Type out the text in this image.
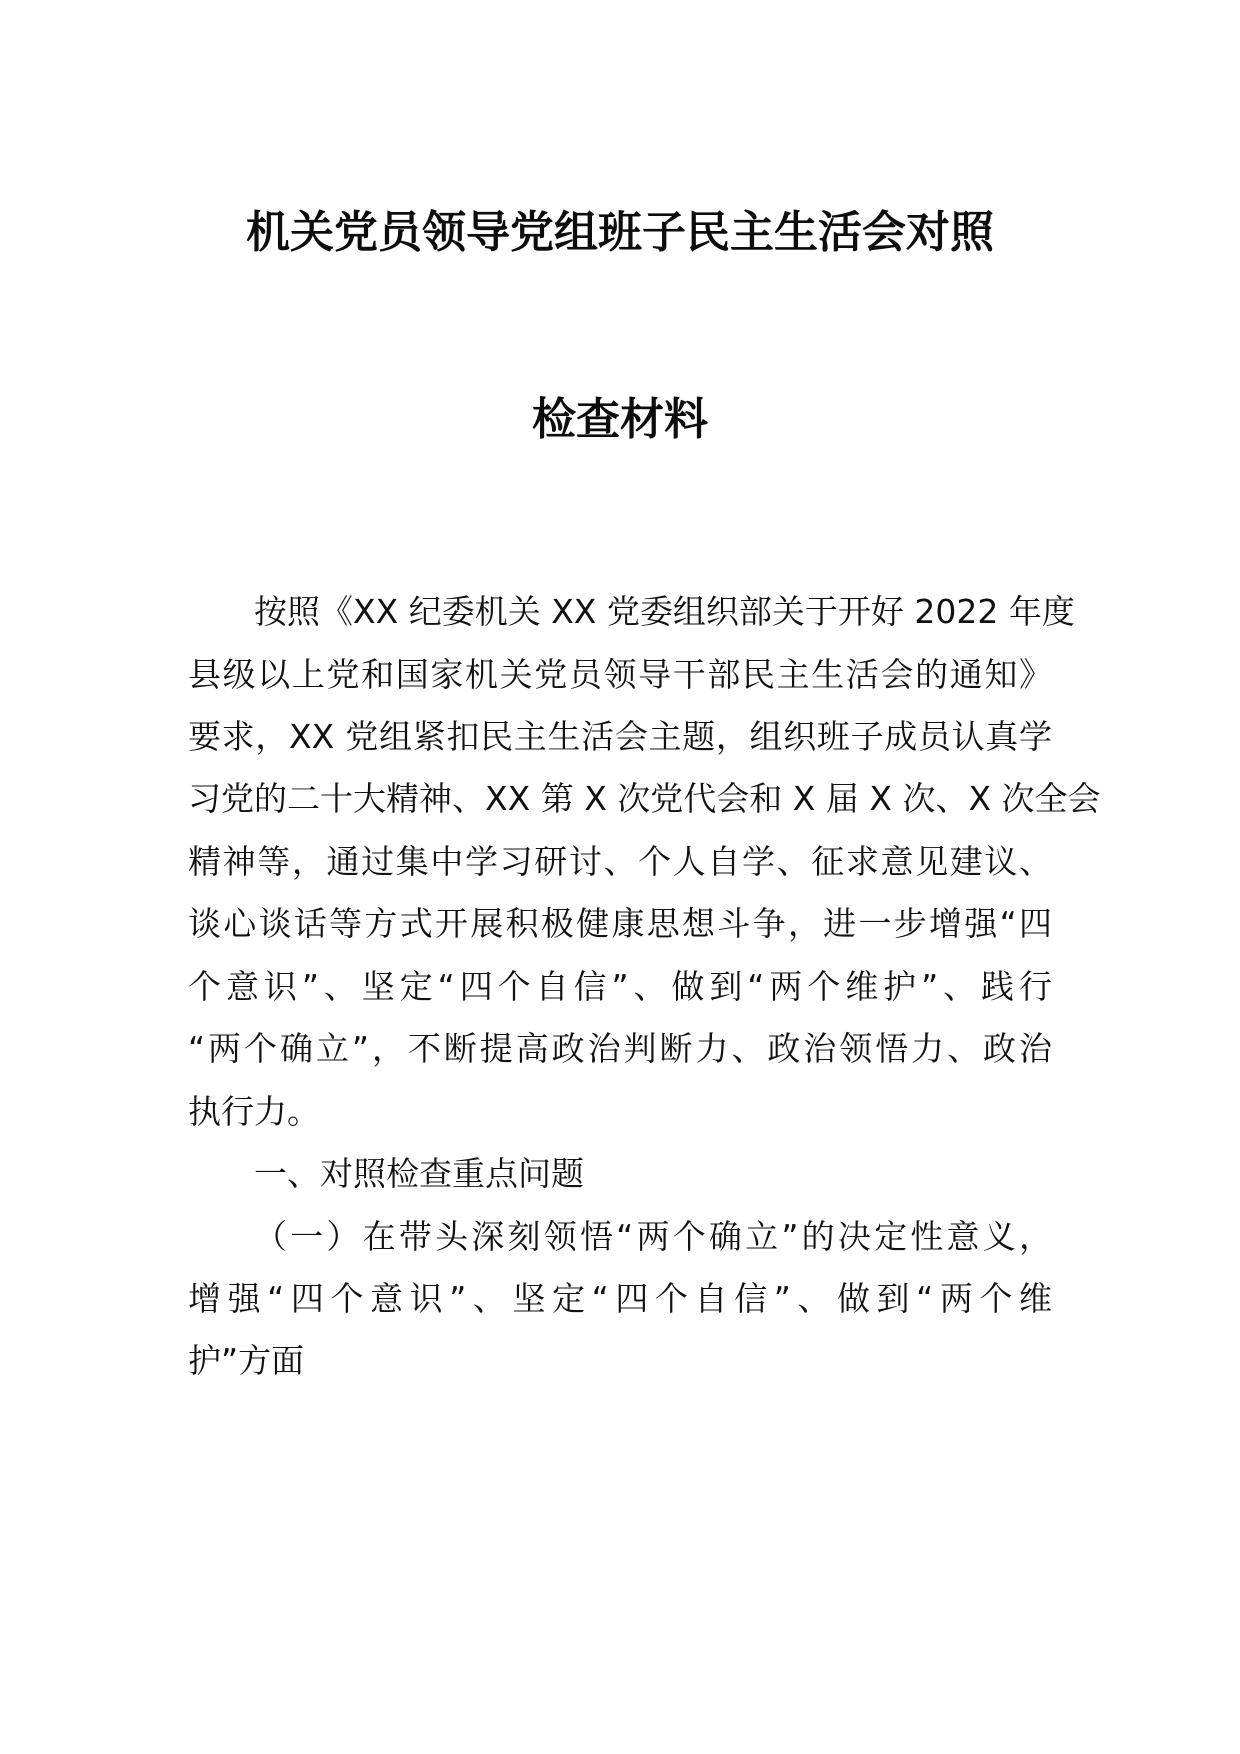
机关党员领导党组班子民主生活会对照
检查材料
按照《XX 纪委机关 XX 党委组织部关于开好 2022 年度
县级以上党和国家机关党员领导干部民主生活会的通知》
要求，XX 党组紧扣民主生活会主题，组织班子成员认真学
习党的二十大精神、XX 第 X 次党代会和 X 届 X 次、X 次全会
精神等，通过集中学习研讨、个人自学、征求意见建议、
谈心谈话等方式开展积极健康思想斗争，进一步增强“四
个意识”、坚定“四个自信”、做到“两个维护”、践行
“两个确立”，不断提高政治判断力、政治领悟力、政治
执行力。
一、对照检查重点问题
（一）在带头深刻领悟“两个确立”的决定性意义，
增强“四个意识”、坚定“四个自信”、做到“两个维
护”方面
